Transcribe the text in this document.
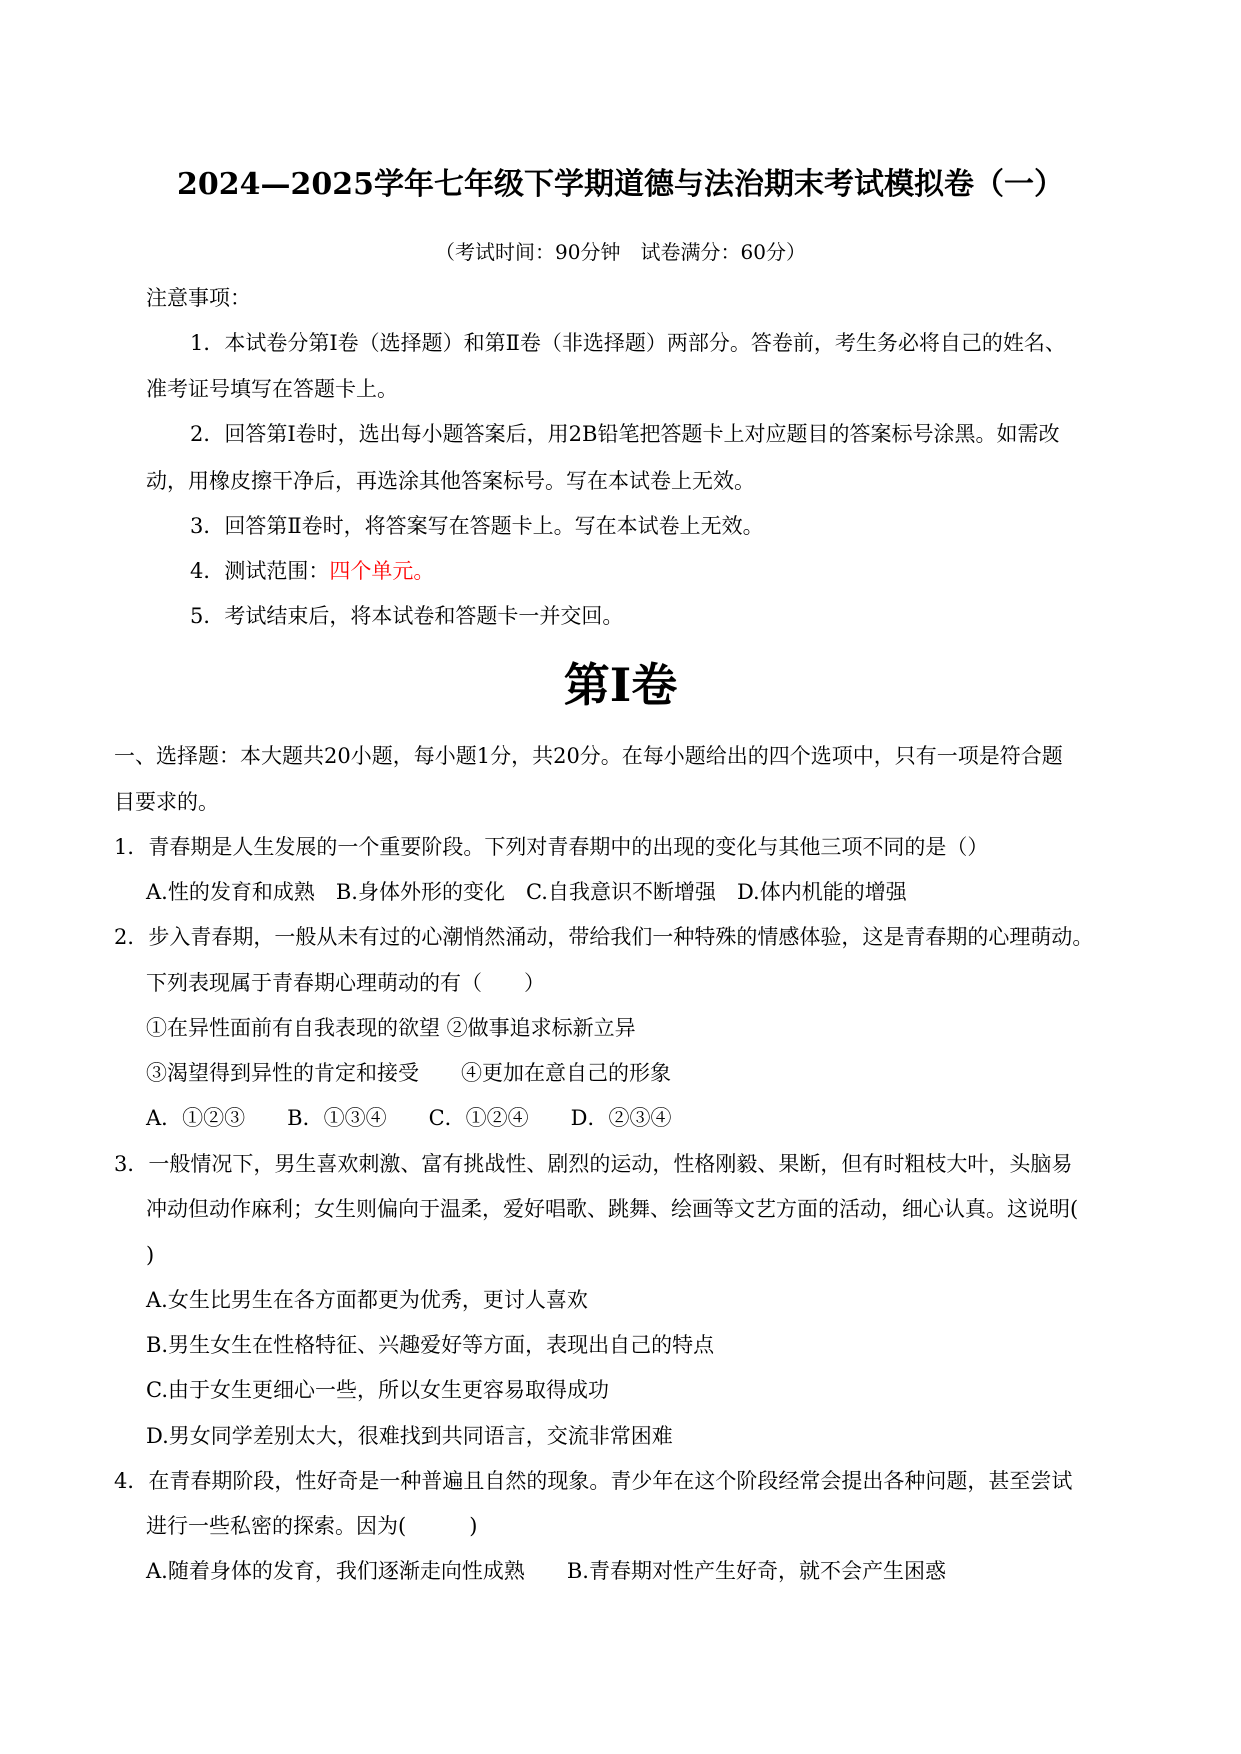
2024—2025学年七年级下学期道德与法治期末考试模拟卷（一）
（考试时间：90分钟　试卷满分：60分）
注意事项：
1．本试卷分第Ⅰ卷（选择题）和第Ⅱ卷（非选择题）两部分。答卷前，考生务必将自己的姓名、
准考证号填写在答题卡上。
2．回答第Ⅰ卷时，选出每小题答案后，用2B铅笔把答题卡上对应题目的答案标号涂黑。如需改
动，用橡皮擦干净后，再选涂其他答案标号。写在本试卷上无效。
3．回答第Ⅱ卷时，将答案写在答题卡上。写在本试卷上无效。
4．测试范围：四个单元。
5．考试结束后，将本试卷和答题卡一并交回。
第Ⅰ卷
一、选择题：本大题共20小题，每小题1分，共20分。在每小题给出的四个选项中，只有一项是符合题
目要求的。
1．青春期是人生发展的一个重要阶段。下列对青春期中的出现的变化与其他三项不同的是（）
A.性的发育和成熟　B.身体外形的变化　C.自我意识不断增强　D.体内机能的增强
2．步入青春期，一般从未有过的心潮悄然涌动，带给我们一种特殊的情感体验，这是青春期的心理萌动。
下列表现属于青春期心理萌动的有（　　）
①在异性面前有自我表现的欲望 ②做事追求标新立异
③渴望得到异性的肯定和接受　　④更加在意自己的形象
A．①②③　　B．①③④　　C．①②④　　D．②③④
3．一般情况下，男生喜欢刺激、富有挑战性、剧烈的运动，性格刚毅、果断，但有时粗枝大叶，头脑易
冲动但动作麻利；女生则偏向于温柔，爱好唱歌、跳舞、绘画等文艺方面的活动，细心认真。这说明(
)
A.女生比男生在各方面都更为优秀，更讨人喜欢
B.男生女生在性格特征、兴趣爱好等方面，表现出自己的特点
C.由于女生更细心一些，所以女生更容易取得成功
D.男女同学差别太大，很难找到共同语言，交流非常困难
4．在青春期阶段，性好奇是一种普遍且自然的现象。青少年在这个阶段经常会提出各种问题，甚至尝试
进行一些私密的探索。因为(　　　)
A.随着身体的发育，我们逐渐走向性成熟　　B.青春期对性产生好奇，就不会产生困惑
